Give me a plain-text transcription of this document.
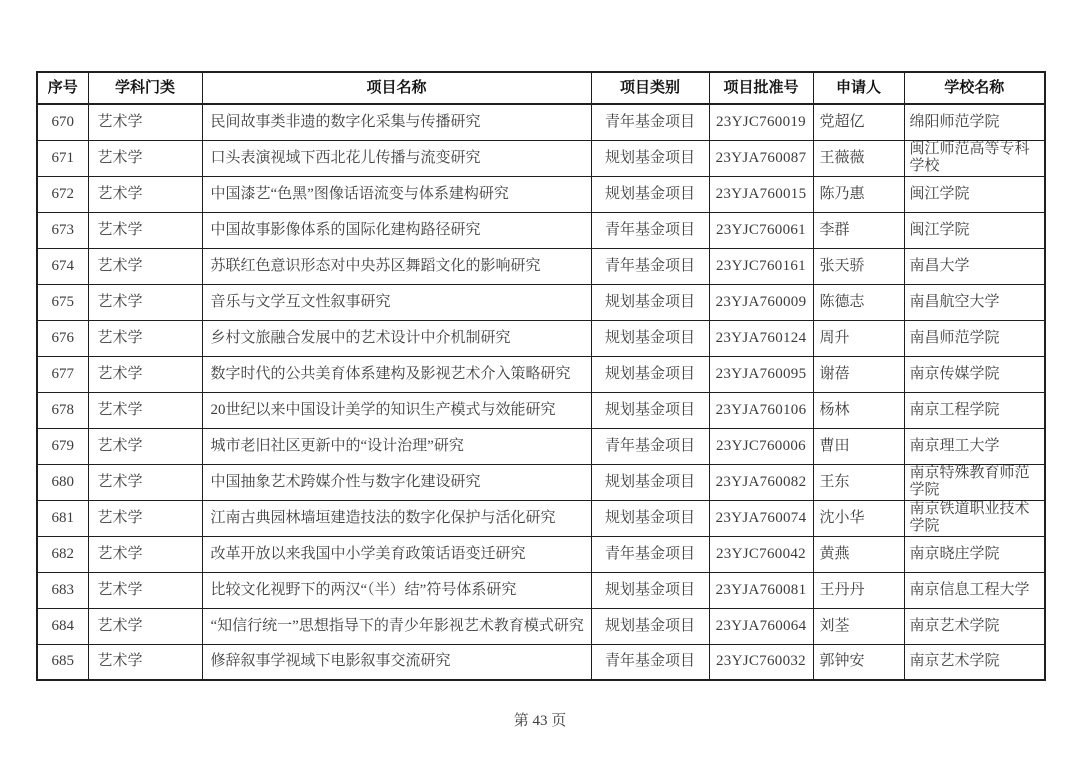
序号	学科门类	项目名称	项目类别	项目批准号	申请人	学校名称
670	艺术学	民间故事类非遗的数字化采集与传播研究	青年基金项目	23YJC760019	党超亿	绵阳师范学院
671	艺术学	口头表演视域下西北花儿传播与流变研究	规划基金项目	23YJA760087	王薇薇	闽江师范高等专科学校
672	艺术学	中国漆艺“色黑”图像话语流变与体系建构研究	规划基金项目	23YJA760015	陈乃惠	闽江学院
673	艺术学	中国故事影像体系的国际化建构路径研究	青年基金项目	23YJC760061	李群	闽江学院
674	艺术学	苏联红色意识形态对中央苏区舞蹈文化的影响研究	青年基金项目	23YJC760161	张天骄	南昌大学
675	艺术学	音乐与文学互文性叙事研究	规划基金项目	23YJA760009	陈德志	南昌航空大学
676	艺术学	乡村文旅融合发展中的艺术设计中介机制研究	规划基金项目	23YJA760124	周升	南昌师范学院
677	艺术学	数字时代的公共美育体系建构及影视艺术介入策略研究	规划基金项目	23YJA760095	谢蓓	南京传媒学院
678	艺术学	20世纪以来中国设计美学的知识生产模式与效能研究	规划基金项目	23YJA760106	杨林	南京工程学院
679	艺术学	城市老旧社区更新中的“设计治理”研究	青年基金项目	23YJC760006	曹田	南京理工大学
680	艺术学	中国抽象艺术跨媒介性与数字化建设研究	规划基金项目	23YJA760082	王东	南京特殊教育师范学院
681	艺术学	江南古典园林墙垣建造技法的数字化保护与活化研究	规划基金项目	23YJA760074	沈小华	南京铁道职业技术学院
682	艺术学	改革开放以来我国中小学美育政策话语变迁研究	青年基金项目	23YJC760042	黄燕	南京晓庄学院
683	艺术学	比较文化视野下的两汉“（半）结”符号体系研究	规划基金项目	23YJA760081	王丹丹	南京信息工程大学
684	艺术学	“知信行统一”思想指导下的青少年影视艺术教育模式研究	规划基金项目	23YJA760064	刘荃	南京艺术学院
685	艺术学	修辞叙事学视域下电影叙事交流研究	青年基金项目	23YJC760032	郭钟安	南京艺术学院
第 43 页
